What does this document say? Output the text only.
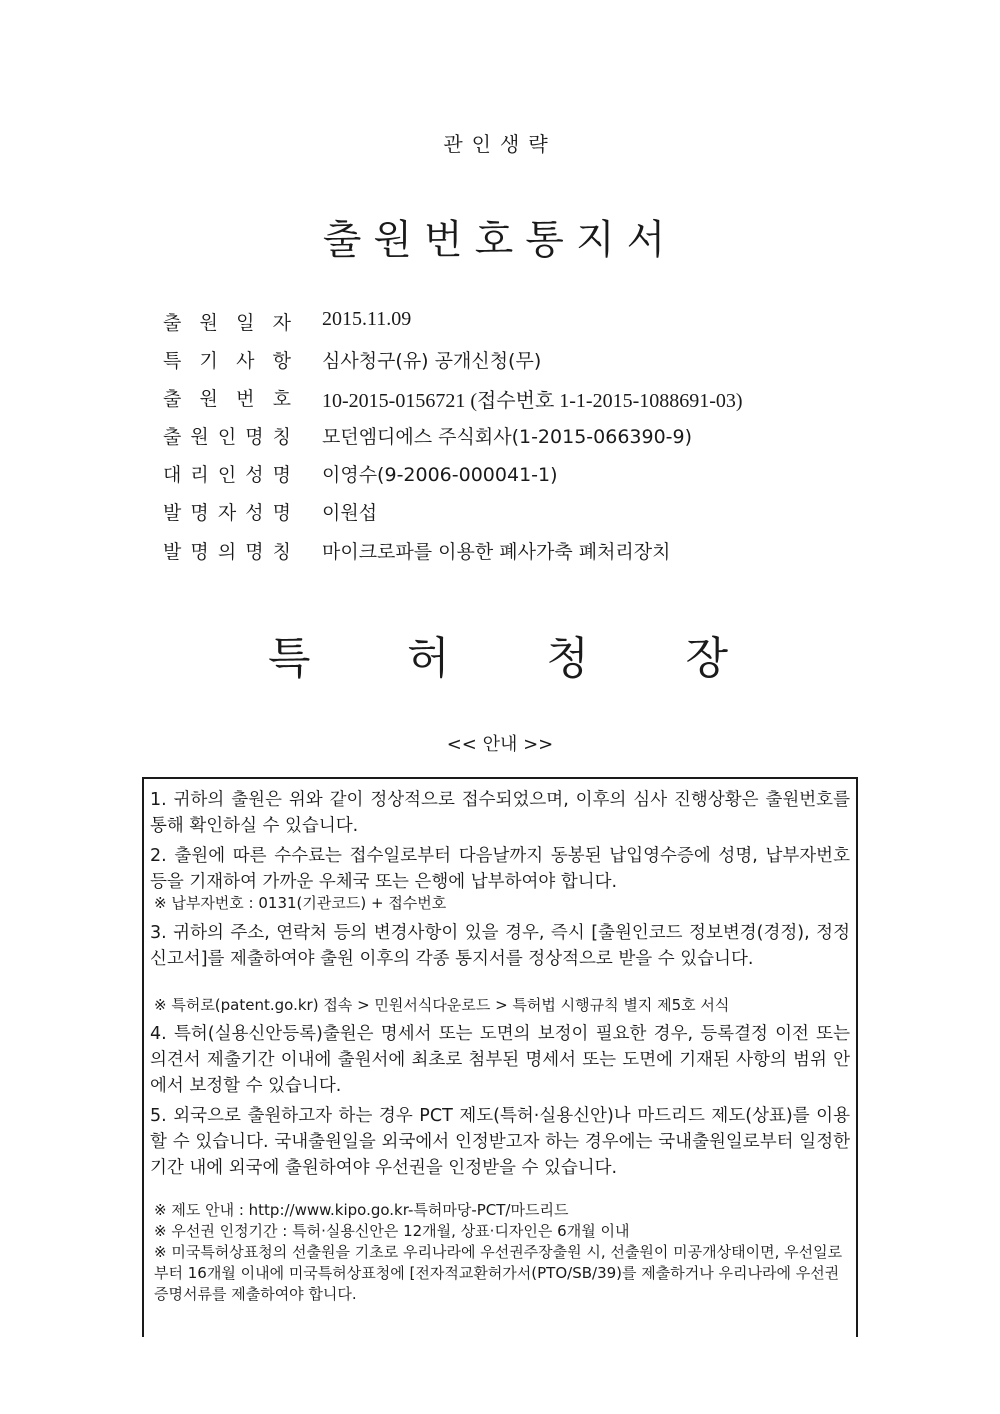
관인생략
출원번호통지서
출 원 일 자 2015.11.09
특 기 사 항 심사청구(유) 공개신청(무)
출 원 번 호 10-2015-0156721 (접수번호 1-1-2015-1088691-03)
출 원 인 명 칭 모던엠디에스 주식회사(1-2015-066390-9)
대 리 인 성 명 이영수(9-2006-000041-1)
발 명 자 성 명 이원섭
발 명 의 명 칭 마이크로파를 이용한 폐사가축 폐처리장치
특 허 청 장
<< 안내 >>

1. 귀하의 출원은 위와 같이 정상적으로 접수되었으며, 이후의 심사 진행상황은 출원번호를 통해 확인하실 수 있습니다.

2. 출원에 따른 수수료는 접수일로부터 다음날까지 동봉된 납입영수증에 성명, 납부자번호 등을 기재하여 가까운 우체국 또는 은행에 납부하여야 합니다.

※ 납부자번호 : 0131(기관코드) + 접수번호

3. 귀하의 주소, 연락처 등의 변경사항이 있을 경우, 즉시 [출원인코드 정보변경(경정), 정정신고서]를 제출하여야 출원 이후의 각종 통지서를 정상적으로 받을 수 있습니다.

※ 특허로(patent.go.kr) 접속 > 민원서식다운로드 > 특허법 시행규칙 별지 제5호 서식

4. 특허(실용신안등록)출원은 명세서 또는 도면의 보정이 필요한 경우, 등록결정 이전 또는 의견서 제출기간 이내에 출원서에 최초로 첨부된 명세서 또는 도면에 기재된 사항의 범위 안에서 보정할 수 있습니다.

5. 외국으로 출원하고자 하는 경우 PCT 제도(특허·실용신안)나 마드리드 제도(상표)를 이용할 수 있습니다. 국내출원일을 외국에서 인정받고자 하는 경우에는 국내출원일로부터 일정한 기간 내에 외국에 출원하여야 우선권을 인정받을 수 있습니다.

※ 제도 안내 : http://www.kipo.go.kr-특허마당-PCT/마드리드
※ 우선권 인정기간 : 특허·실용신안은 12개월, 상표·디자인은 6개월 이내
※ 미국특허상표청의 선출원을 기초로 우리나라에 우선권주장출원 시, 선출원이 미공개상태이면, 우선일로부터 16개월 이내에 미국특허상표청에 [전자적교환허가서(PTO/SB/39)를 제출하거나 우리나라에 우선권 증명서류를 제출하여야 합니다.
